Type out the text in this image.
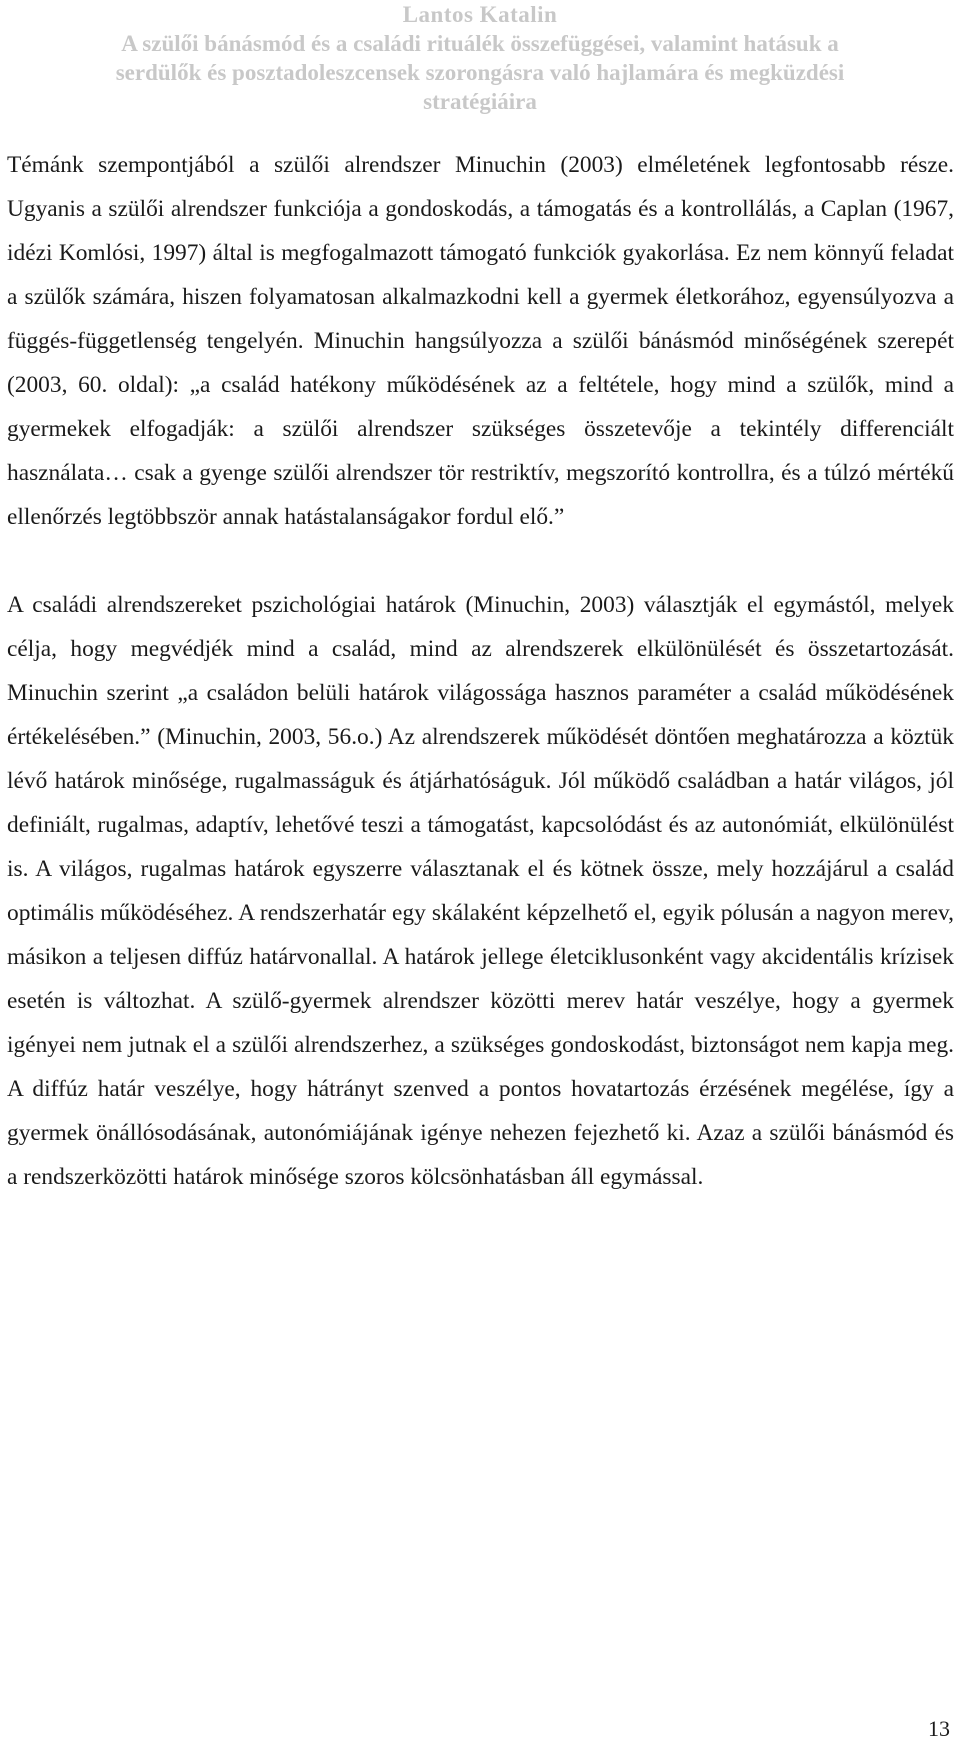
Lantos Katalin
A szülői bánásmód és a családi rituálék összefüggései, valamint hatásuk a
serdülők és posztadoleszcensek szorongásra való hajlamára és megküzdési
stratégiáira

Témánk szempontjából a szülői alrendszer Minuchin (2003) elméletének legfontosabb része. Ugyanis a szülői alrendszer funkciója a gondoskodás, a támogatás és a kontrollálás, a Caplan (1967, idézi Komlósi, 1997) által is megfogalmazott támogató funkciók gyakorlása. Ez nem könnyű feladat a szülők számára, hiszen folyamatosan alkalmazkodni kell a gyermek életkorához, egyensúlyozva a függés-függetlenség tengelyén. Minuchin hangsúlyozza a szülői bánásmód minőségének szerepét (2003, 60. oldal): „a család hatékony működésének az a feltétele, hogy mind a szülők, mind a gyermekek elfogadják: a szülői alrendszer szükséges összetevője a tekintély differenciált használata… csak a gyenge szülői alrendszer tör restriktív, megszorító kontrollra, és a túlzó mértékű ellenőrzés legtöbbször annak hatástalanságakor fordul elő.”

A családi alrendszereket pszichológiai határok (Minuchin, 2003) választják el egymástól, melyek célja, hogy megvédjék mind a család, mind az alrendszerek elkülönülését és összetartozását. Minuchin szerint „a családon belüli határok világossága hasznos paraméter a család működésének értékelésében.” (Minuchin, 2003, 56.o.) Az alrendszerek működését döntően meghatározza a köztük lévő határok minősége, rugalmasságuk és átjárhatóságuk. Jól működő családban a határ világos, jól definiált, rugalmas, adaptív, lehetővé teszi a támogatást, kapcsolódást és az autonómiát, elkülönülést is. A világos, rugalmas határok egyszerre választanak el és kötnek össze, mely hozzájárul a család optimális működéséhez. A rendszerhatár egy skálaként képzelhető el, egyik pólusán a nagyon merev, másikon a teljesen diffúz határvonallal. A határok jellege életciklusonként vagy akcidentális krízisek esetén is változhat. A szülő-gyermek alrendszer közötti merev határ veszélye, hogy a gyermek igényei nem jutnak el a szülői alrendszerhez, a szükséges gondoskodást, biztonságot nem kapja meg. A diffúz határ veszélye, hogy hátrányt szenved a pontos hovatartozás érzésének megélése, így a gyermek önállósodásának, autonómiájának igénye nehezen fejezhető ki. Azaz a szülői bánásmód és a rendszerközötti határok minősége szoros kölcsönhatásban áll egymással.

13
